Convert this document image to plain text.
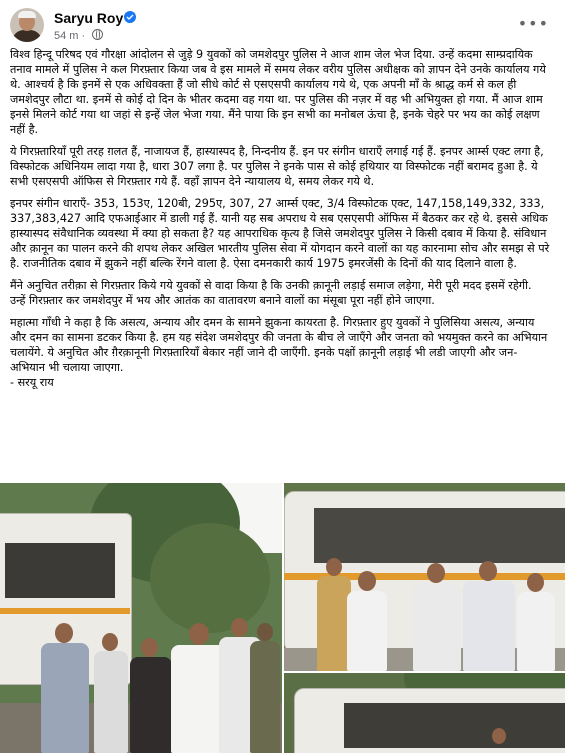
Saryu Roy
54 m ·
•••

विश्व हिन्दू परिषद एवं गौरक्षा आंदोलन से जुड़े 9 युवकों को जमशेदपुर पुलिस ने आज शाम जेल भेज दिया. उन्हें कदमा साम्प्रदायिक तनाव मामले में पुलिस ने कल गिरफ़्तार किया जब वे इस मामले में समय लेकर वरीय पुलिस अधीक्षक को ज्ञापन देने उनके कार्यालय गये थे. आश्चर्य है कि इनमें से एक अधिवक्ता हैं जो सीधे कोर्ट से एसएसपी कार्यालय गये थे, एक अपनी माँ के श्राद्ध कर्म से कल ही जमशेदपुर लौटा था. इनमें से कोई दो दिन के भीतर कदमा वह गया था. पर पुलिस की नज़र में वह भी अभियुक्त हो गया. मैं आज शाम इनसे मिलने कोर्ट गया था जहां से इन्हें जेल भेजा गया. मैंने पाया कि इन सभी का मनोबल ऊंचा है, इनके चेहरे पर भय का कोई लक्षण नहीं है.

ये गिरफ़्तारियाँ पूरी तरह ग़लत हैं, नाजायज हैं, हास्यास्पद है, निन्दनीय हैं. इन पर संगीन धाराएँ लगाई गई हैं. इनपर आर्म्स एक्ट लगा है, विस्फोटक अधिनियम लादा गया है, धारा 307 लगा है. पर पुलिस ने इनके पास से कोई हथियार या विस्फोटक नहीं बरामद हुआ है. ये सभी एसएसपी ऑफिस से गिरफ़्तार गये हैं. वहाँ ज्ञापन देने न्यायालय थे, समय लेकर गये थे.

इनपर संगीन धाराएँ- 353, 153ए, 120बी, 295ए, 307, 27 आर्म्स एक्ट, 3/4 विस्फोटक एक्ट, 147,158,149,332, 333, 337,383,427 आदि एफआईआर में डाली गई हैं. यानी यह सब अपराध ये सब एसएसपी ऑफिस में बैठकर कर रहे थे. इससे अधिक हास्यास्पद संवैधानिक व्यवस्था में क्या हो सकता है? यह आपराधिक कृत्य है जिसे जमशेदपुर पुलिस ने किसी दबाव में किया है. संविधान और क़ानून का पालन करने की शपथ लेकर अखिल भारतीय पुलिस सेवा में योगदान करने वालों का यह कारनामा सोच और समझ से परे है. राजनीतिक दबाव में झुकने नहीं बल्कि रेंगने वाला है. ऐसा दमनकारी कार्य 1975 इमरजेंसी के दिनों की याद दिलाने वाला है.

मैंने अनुचित तरीक़ा से गिरफ़्तार किये गये युवकों से वादा किया है कि उनकी क़ानूनी लड़ाई समाज लड़ेगा, मेरी पूरी मदद इसमें रहेगी. उन्हें गिरफ़्तार कर जमशेदपुर में भय और आतंक का वातावरण बनाने वालों का मंसूबा पूरा नहीं होने जाएगा.

महात्मा गाँधी ने कहा है कि असत्य, अन्याय और दमन के सामने झुकना कायरता है. गिरफ़्तार हुए युवकों ने पुलिसिया असत्य, अन्याय और दमन का सामना डटकर किया है. हम यह संदेश जमशेदपुर की जनता के बीच ले जाएँगे और जनता को भयमुक्त करने का अभियान चलायेंगे. ये अनुचित और ग़ैरक़ानूनी गिरफ़्तारियाँ बेकार नहीं जाने दी जाएँगी. इनके पक्षों क़ानूनी लड़ाई भी लडी जाएगी और जन-अभियान भी चलाया जाएगा.
- सरयू राय
